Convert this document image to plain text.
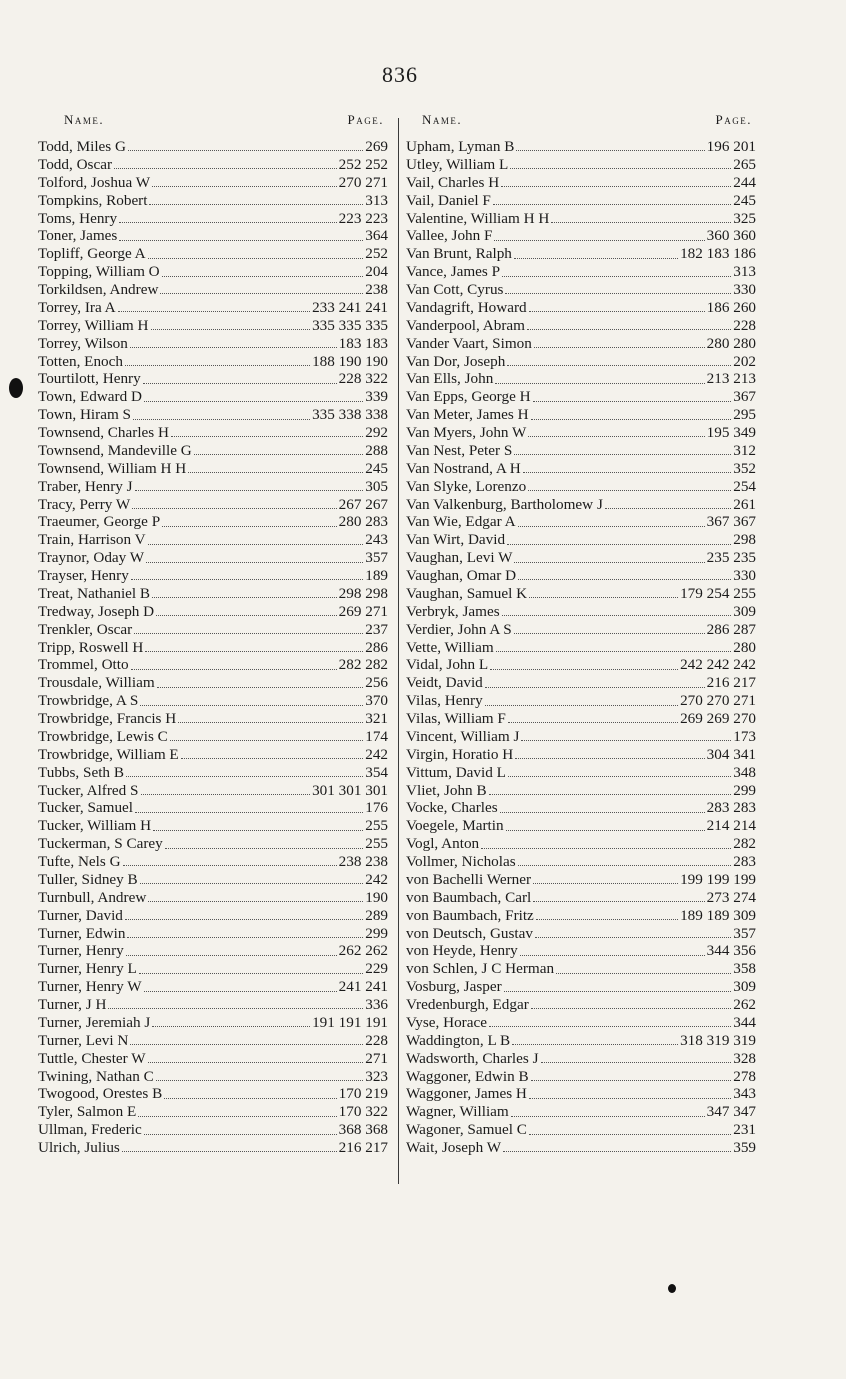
836
Name.	Page.
Todd, Miles G	269
Todd, Oscar	252 252
Tolford, Joshua W	270 271
Tompkins, Robert	313
Toms, Henry	223 223
Toner, James	364
Topliff, George A	252
Topping, William O	204
Torkildsen, Andrew	238
Torrey, Ira A	233 241 241
Torrey, William H	335 335 335
Torrey, Wilson	183 183
Totten, Enoch	188 190 190
Tourtilott, Henry	228 322
Town, Edward D	339
Town, Hiram S	335 338 338
Townsend, Charles H	292
Townsend, Mandeville G	288
Townsend, William H H	245
Traber, Henry J	305
Tracy, Perry W	267 267
Traeumer, George P	280 283
Train, Harrison V	243
Traynor, Oday W	357
Trayser, Henry	189
Treat, Nathaniel B	298 298
Tredway, Joseph D	269 271
Trenkler, Oscar	237
Tripp, Roswell H	286
Trommel, Otto	282 282
Trousdale, William	256
Trowbridge, A S	370
Trowbridge, Francis H	321
Trowbridge, Lewis C	174
Trowbridge, William E	242
Tubbs, Seth B	354
Tucker, Alfred S	301 301 301
Tucker, Samuel	176
Tucker, William H	255
Tuckerman, S Carey	255
Tufte, Nels G	238 238
Tuller, Sidney B	242
Turnbull, Andrew	190
Turner, David	289
Turner, Edwin	299
Turner, Henry	262 262
Turner, Henry L	229
Turner, Henry W	241 241
Turner, J H	336
Turner, Jeremiah J	191 191 191
Turner, Levi N	228
Tuttle, Chester W	271
Twining, Nathan C	323
Twogood, Orestes B	170 219
Tyler, Salmon E	170 322
Ullman, Frederic	368 368
Ulrich, Julius	216 217
Name.	Page.
Upham, Lyman B	196 201
Utley, William L	265
Vail, Charles H	244
Vail, Daniel F	245
Valentine, William H H	325
Vallee, John F	360 360
Van Brunt, Ralph	182 183 186
Vance, James P	313
Van Cott, Cyrus	330
Vandagrift, Howard	186 260
Vanderpool, Abram	228
Vander Vaart, Simon	280 280
Van Dor, Joseph	202
Van Ells, John	213 213
Van Epps, George H	367
Van Meter, James H	295
Van Myers, John W	195 349
Van Nest, Peter S	312
Van Nostrand, A H	352
Van Slyke, Lorenzo	254
Van Valkenburg, Bartholomew J	261
Van Wie, Edgar A	367 367
Van Wirt, David	298
Vaughan, Levi W	235 235
Vaughan, Omar D	330
Vaughan, Samuel K	179 254 255
Verbryk, James	309
Verdier, John A S	286 287
Vette, William	280
Vidal, John L	242 242 242
Veidt, David	216 217
Vilas, Henry	270 270 271
Vilas, William F	269 269 270
Vincent, William J	173
Virgin, Horatio H	304 341
Vittum, David L	348
Vliet, John B	299
Vocke, Charles	283 283
Voegele, Martin	214 214
Vogl, Anton	282
Vollmer, Nicholas	283
von Bachelli Werner	199 199 199
von Baumbach, Carl	273 274
von Baumbach, Fritz	189 189 309
von Deutsch, Gustav	357
von Heyde, Henry	344 356
von Schlen, J C Herman	358
Vosburg, Jasper	309
Vredenburgh, Edgar	262
Vyse, Horace	344
Waddington, L B	318 319 319
Wadsworth, Charles J	328
Waggoner, Edwin B	278
Waggoner, James H	343
Wagner, William	347 347
Wagoner, Samuel C	231
Wait, Joseph W	359
